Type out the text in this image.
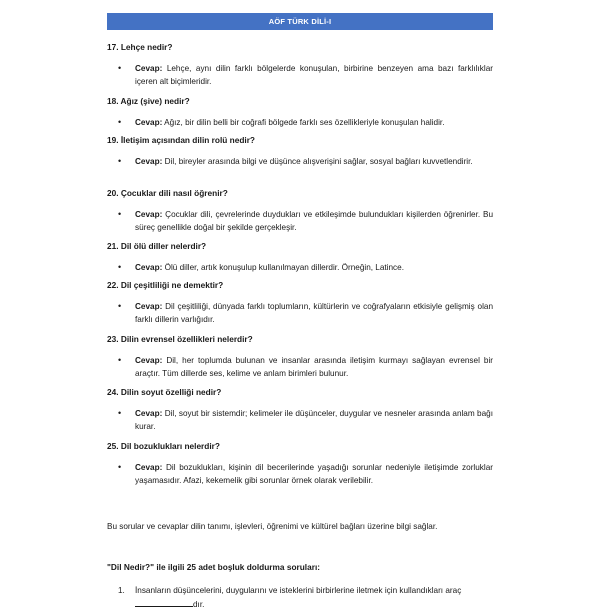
AÖF TÜRK DİLİ-I

17. Lehçe nedir?

• Cevap: Lehçe, aynı dilin farklı bölgelerde konuşulan, birbirine benzeyen ama bazı farklılıklar içeren alt biçimleridir.

18. Ağız (şive) nedir?

• Cevap: Ağız, bir dilin belli bir coğrafi bölgede farklı ses özellikleriyle konuşulan halidir.

19. İletişim açısından dilin rolü nedir?

• Cevap: Dil, bireyler arasında bilgi ve düşünce alışverişini sağlar, sosyal bağları kuvvetlendirir.

20. Çocuklar dili nasıl öğrenir?

• Cevap: Çocuklar dili, çevrelerinde duydukları ve etkileşimde bulundukları kişilerden öğrenirler. Bu süreç genellikle doğal bir şekilde gerçekleşir.

21. Dil ölü diller nelerdir?

• Cevap: Ölü diller, artık konuşulup kullanılmayan dillerdir. Örneğin, Latince.

22. Dil çeşitliliği ne demektir?

• Cevap: Dil çeşitliliği, dünyada farklı toplumların, kültürlerin ve coğrafyaların etkisiyle gelişmiş olan farklı dillerin varlığıdır.

23. Dilin evrensel özellikleri nelerdir?

• Cevap: Dil, her toplumda bulunan ve insanlar arasında iletişim kurmayı sağlayan evrensel bir araçtır. Tüm dillerde ses, kelime ve anlam birimleri bulunur.

24. Dilin soyut özelliği nedir?

• Cevap: Dil, soyut bir sistemdir; kelimeler ile düşünceler, duygular ve nesneler arasında anlam bağı kurar.

25. Dil bozuklukları nelerdir?

• Cevap: Dil bozuklukları, kişinin dil becerilerinde yaşadığı sorunlar nedeniyle iletişimde zorluklar yaşamasıdır. Afazi, kekemelik gibi sorunlar örnek olarak verilebilir.
Bu sorular ve cevaplar dilin tanımı, işlevleri, öğrenimi ve kültürel bağları üzerine bilgi sağlar.
"Dil Nedir?" ile ilgili 25 adet boşluk doldurma soruları:
1. İnsanların düşüncelerini, duygularını ve isteklerini birbirlerine iletmek için kullandıkları araç dır.
